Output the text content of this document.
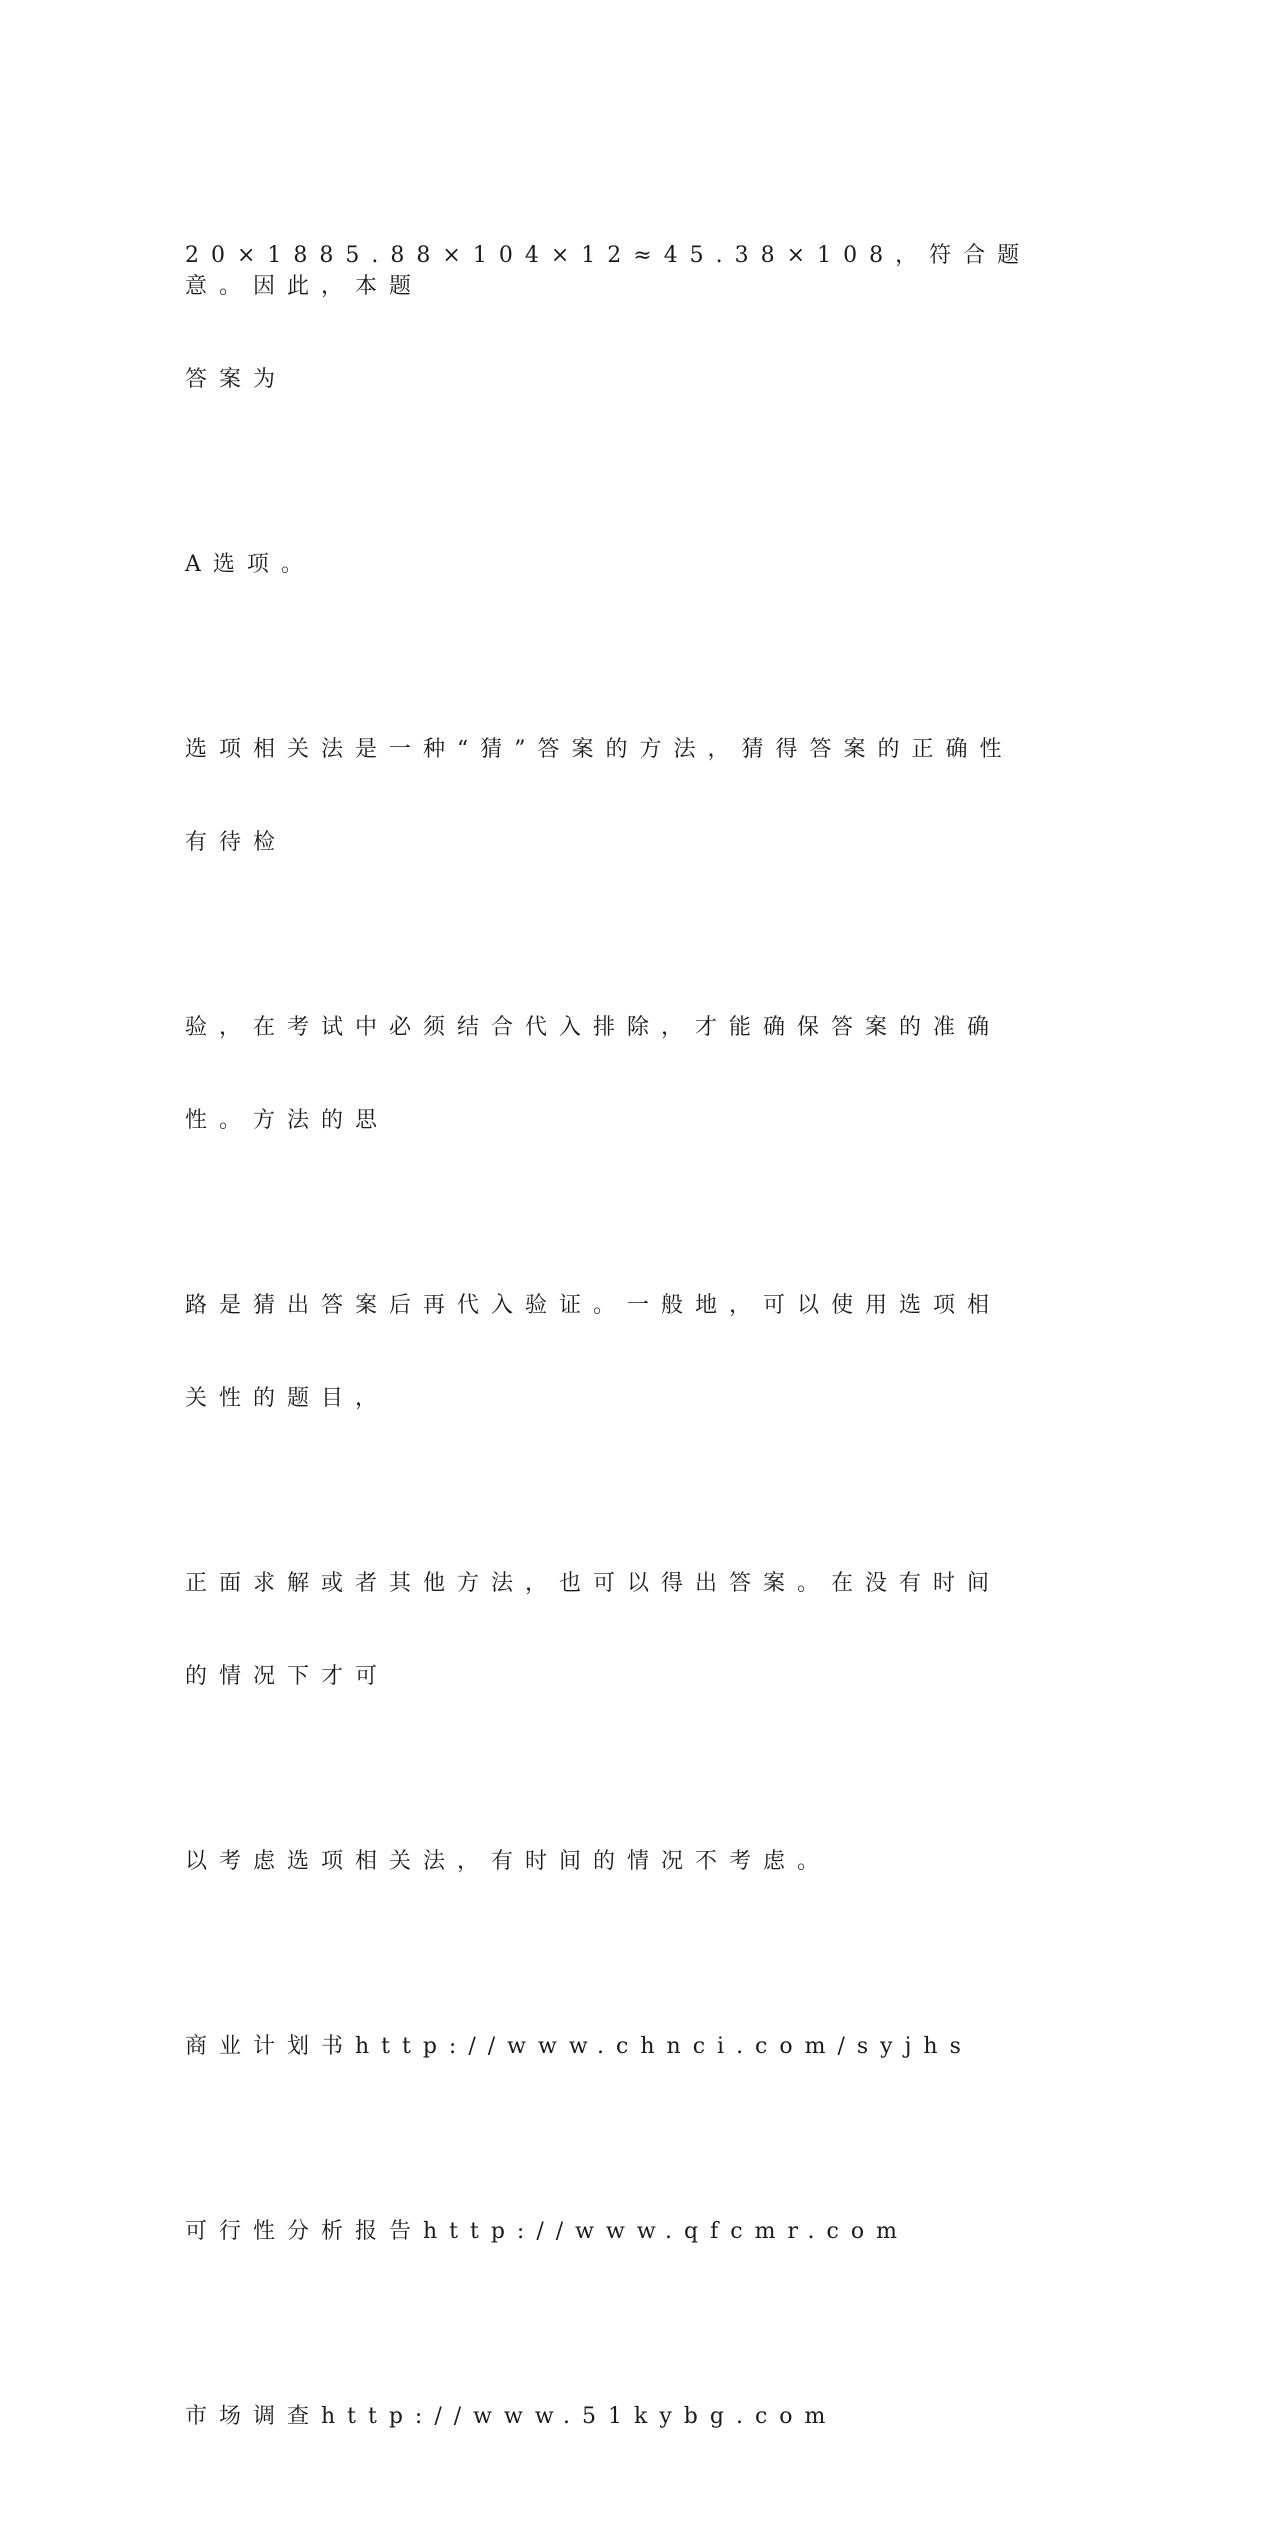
20×1885.88×104×12≈45.38×108，符合题意。因此，本题

答案为

A选项。

选项相关法是一种“猜”答案的方法，猜得答案的正确性

有待检

验，在考试中必须结合代入排除，才能确保答案的准确

性。方法的思

路是猜出答案后再代入验证。一般地，可以使用选项相

关性的题目，

正面求解或者其他方法，也可以得出答案。在没有时间

的情况下才可

以考虑选项相关法，有时间的情况不考虑。

商业计划书http://www.chnci.com/syjhs

可行性分析报告http://www.qfcmr.com

市场调查http://www.51kybg.com
